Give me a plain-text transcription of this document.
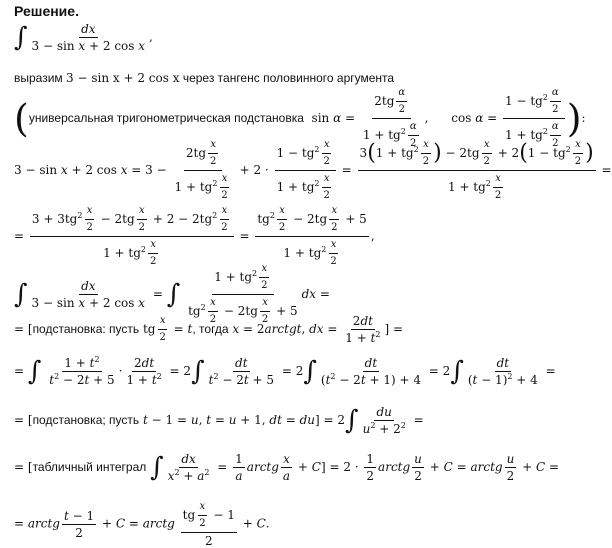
Решение.
∫ $\frac{dx}{\text{3 − sin x + 2 cos x}}$ ,
выразим 3 − sin x + 2 cos x через тангенс половинного аргумента
(универсальная тригонометрическая подстановка  $\sin \alpha = \frac{2tg \frac{\alpha}{2}}{1 + tg^2 \frac{\alpha}{2}}$ ,      $\cos \alpha = \frac{1 - tg^2 \frac{\alpha}{2}}{1 + tg^2 \frac{\alpha}{2}}$ ):
3 − sin x + 2 $\cos x = 3 - \frac{2tg \frac{x}{2}}{1 + tg^2 \frac{x}{2}} + 2 \cdot \frac{1 - tg^2 \frac{x}{2}}{1 + tg^2 \frac{x}{2}} = \frac{3(1 + tg^2 \frac{x}{2} ) - 2tg \frac{x}{2} + 2(1 - tg^2 \frac{x}{2} )}{1 + tg^2 \frac{x}{2}}$ =
= $\frac{3 + 3tg^2 \frac{x}{2} - 2tg \frac{x}{2} + 2 - 2tg^2 \frac{x}{2}}{1 + tg^2 \frac{x}{2}} = \frac{tg^2 \frac{x}{2} - 2tg \frac{x}{2} + 5}{1 + tg^2 \frac{x}{2}}$ ,
∫ $\frac{dx}{\text{3 − sin x + 2 cos x}}$ = ∫ $\frac{1 + tg^2 \frac{x}{2}}{tg^2 \frac{x}{2} - 2tg \frac{x}{2} + 5}$ dx =
= [подстановка: пусть tg $\frac{x}{2} = t$, тогда x = 2arctgt, dx = $\frac{2dt}{1 + t^2}$ ] =
= ∫ $\frac{1 + t^2}{t^2 - 2t + 5} \cdot \frac{2dt}{1 + t^2} = 2\int \frac{dt}{t^2 - 2t + 5} = 2\int \frac{dt}{(t^2 - 2t + 1) + 4} = 2\int \frac{dt}{(t - 1)^2 + 4}$ =
= [подстановка; пусть t − 1 = u, t = u + 1, dt = $du] = 2\int \frac{du}{u^2 + 2^2}$ =
= [табличный интеграл ∫ $\frac{dx}{x^2 + a^2} = \frac{1}{a}$ arctg $\frac{x}{a} + C] = 2 \cdot \frac{1}{2}$ arctg $\frac{u}{2} + C$ = arctg $\frac{u}{2} + C$ =
= arctg $\frac{t - 1}{2} + C$ = arctg $\frac{tg \frac{x}{2} - 1}{2} + C$.
